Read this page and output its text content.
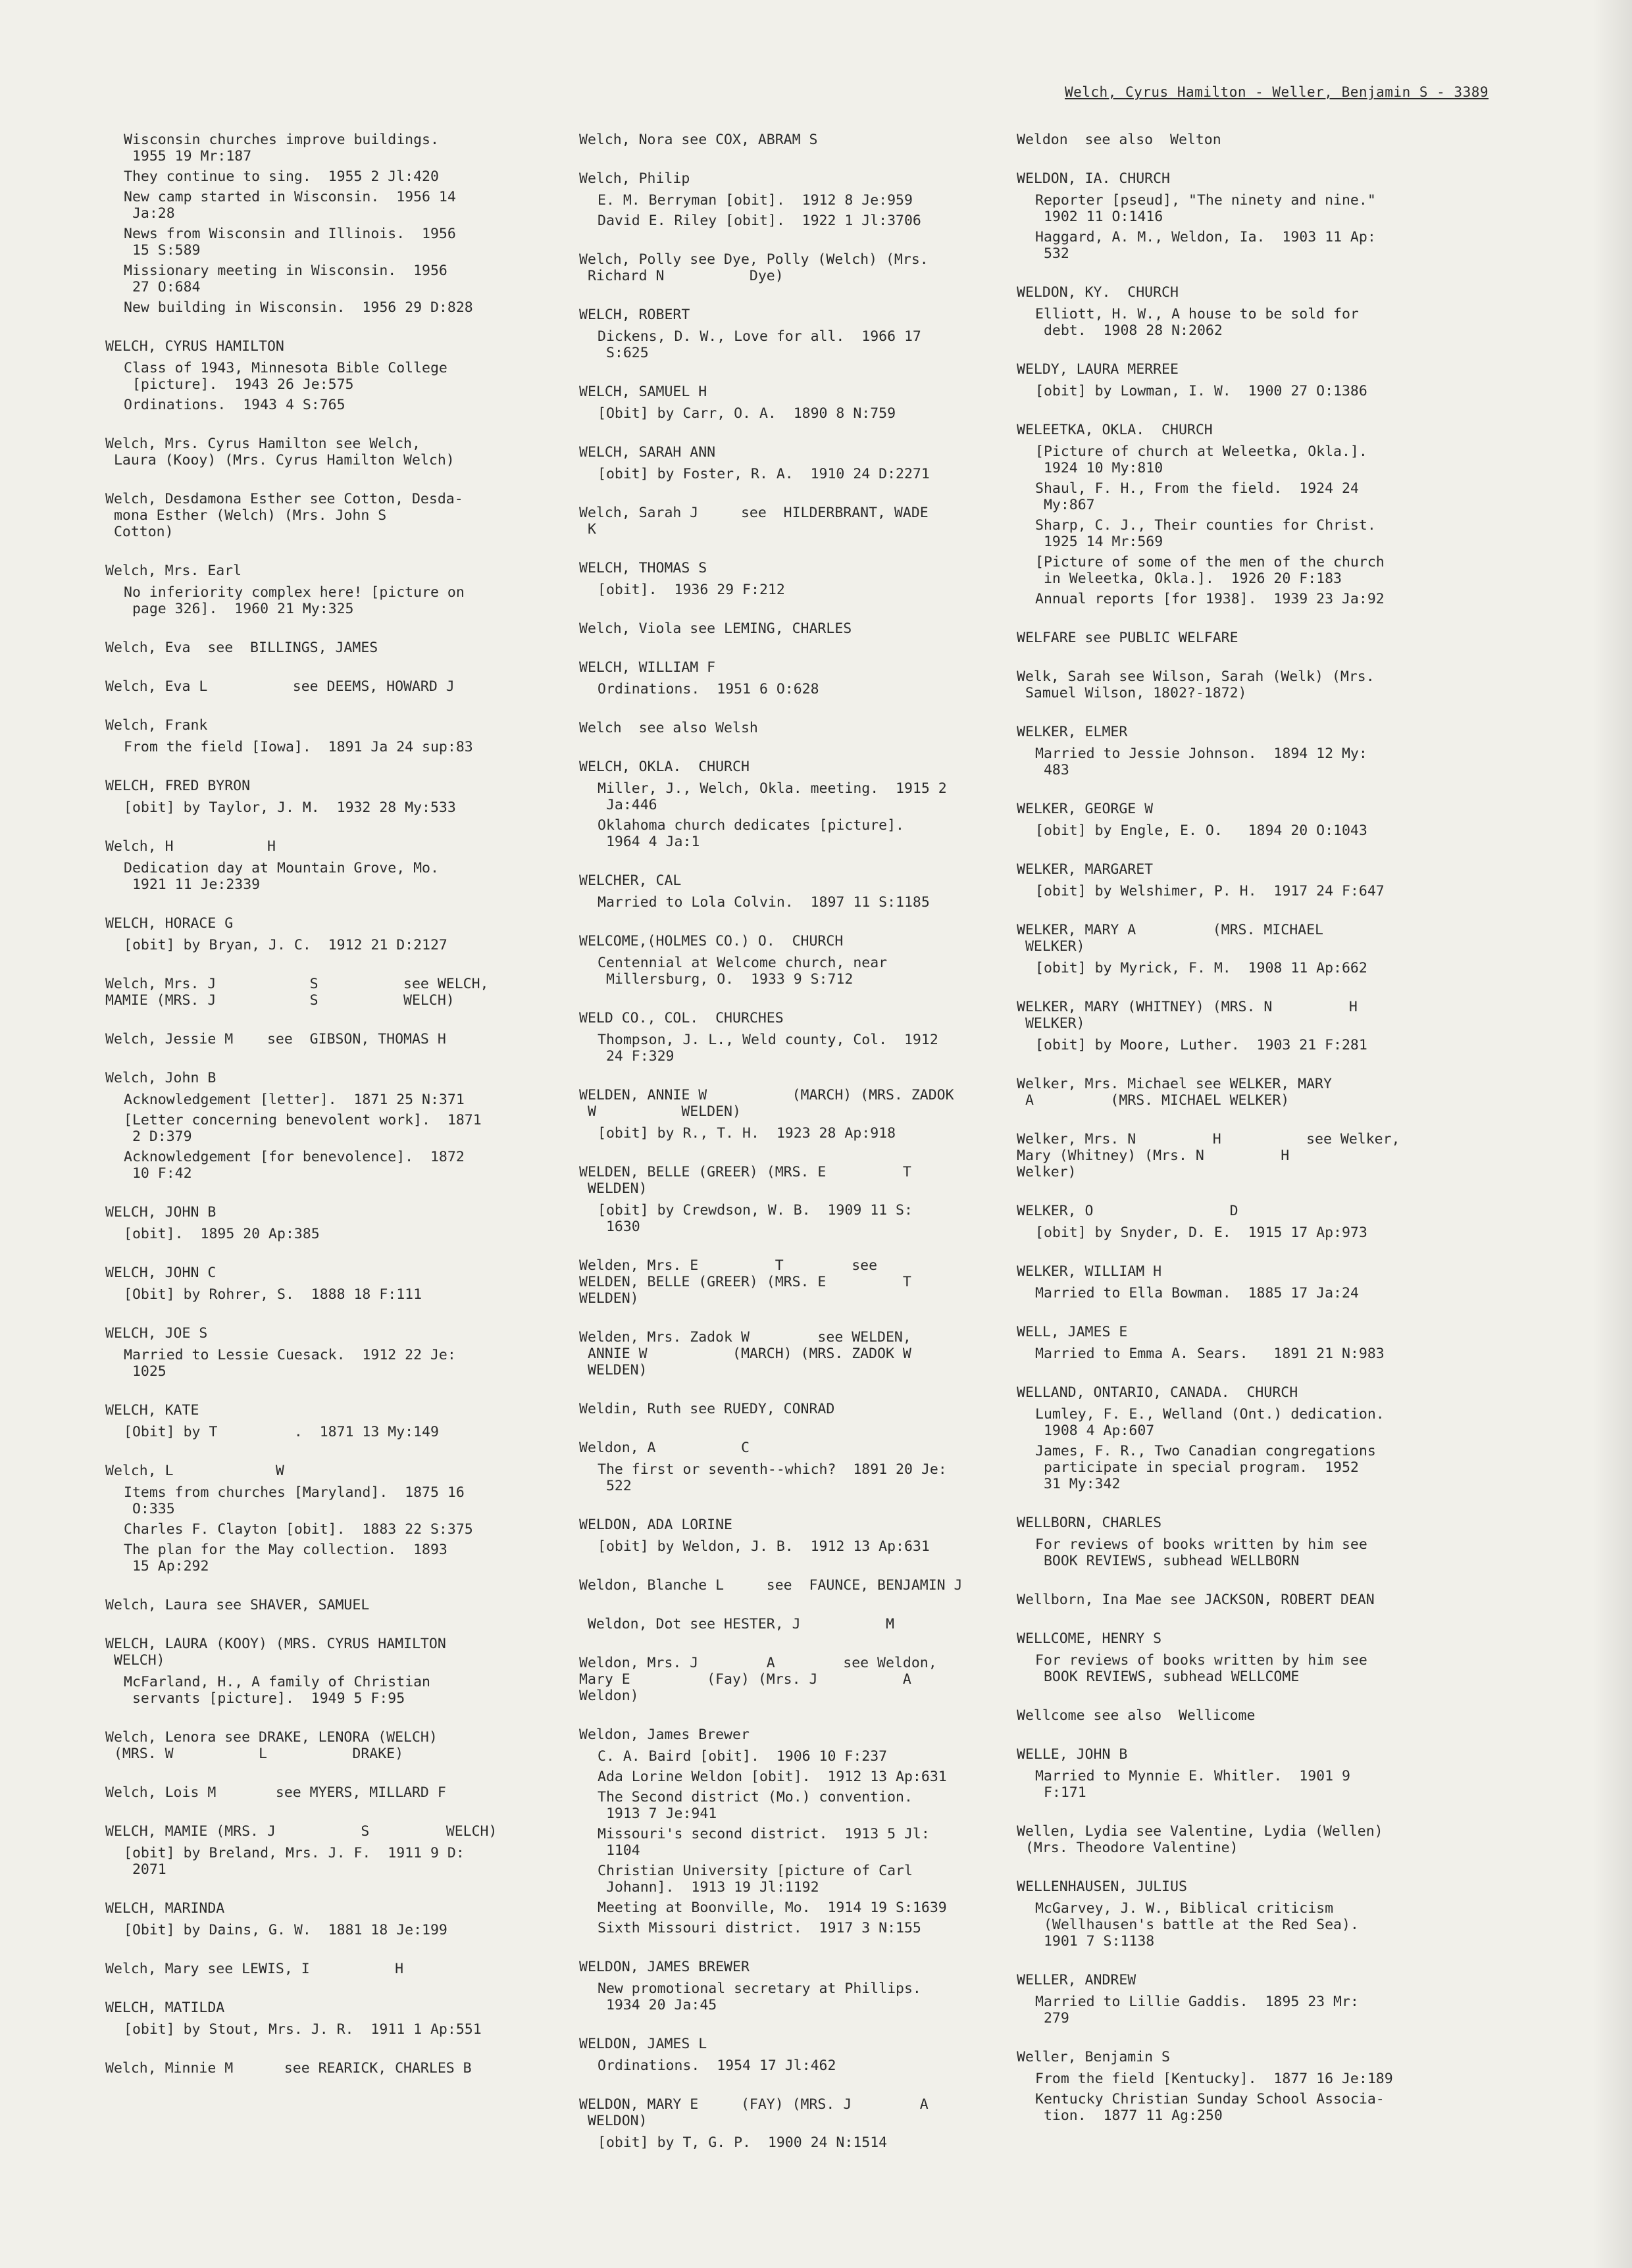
Welch, Cyrus Hamilton - Weller, Benjamin S - 3389
Wisconsin churches improve buildings.
1955 19 Mr:187
They continue to sing.  1955 2 Jl:420
New camp started in Wisconsin.  1956 14
Ja:28
News from Wisconsin and Illinois.  1956
15 S:589
Missionary meeting in Wisconsin.  1956
27 O:684
New building in Wisconsin.  1956 29 D:828
WELCH, CYRUS HAMILTON
Class of 1943, Minnesota Bible College
[picture].  1943 26 Je:575
Ordinations.  1943 4 S:765
Welch, Mrs. Cyrus Hamilton see Welch,
Laura (Kooy) (Mrs. Cyrus Hamilton Welch)
Welch, Desdamona Esther see Cotton, Desda-
mona Esther (Welch) (Mrs. John S
Cotton)
Welch, Mrs. Earl
No inferiority complex here! [picture on
page 326].  1960 21 My:325
Welch, Eva  see  BILLINGS, JAMES
Welch, Eva L          see DEEMS, HOWARD J
Welch, Frank
From the field [Iowa].  1891 Ja 24 sup:83
WELCH, FRED BYRON
[obit] by Taylor, J. M.  1932 28 My:533
Welch, H           H
Dedication day at Mountain Grove, Mo.
1921 11 Je:2339
WELCH, HORACE G
[obit] by Bryan, J. C.  1912 21 D:2127
Welch, Mrs. J           S          see WELCH,
MAMIE (MRS. J           S          WELCH)
Welch, Jessie M    see  GIBSON, THOMAS H
Welch, John B
Acknowledgement [letter].  1871 25 N:371
[Letter concerning benevolent work].  1871
2 D:379
Acknowledgement [for benevolence].  1872
10 F:42
WELCH, JOHN B
[obit].  1895 20 Ap:385
WELCH, JOHN C
[Obit] by Rohrer, S.  1888 18 F:111
WELCH, JOE S
Married to Lessie Cuesack.  1912 22 Je:
1025
WELCH, KATE
[Obit] by T         .  1871 13 My:149
Welch, L            W
Items from churches [Maryland].  1875 16
O:335
Charles F. Clayton [obit].  1883 22 S:375
The plan for the May collection.  1893
15 Ap:292
Welch, Laura see SHAVER, SAMUEL
WELCH, LAURA (KOOY) (MRS. CYRUS HAMILTON
WELCH)
McFarland, H., A family of Christian
servants [picture].  1949 5 F:95
Welch, Lenora see DRAKE, LENORA (WELCH)
(MRS. W          L          DRAKE)
Welch, Lois M       see MYERS, MILLARD F
WELCH, MAMIE (MRS. J          S         WELCH)
[obit] by Breland, Mrs. J. F.  1911 9 D:
2071
WELCH, MARINDA
[Obit] by Dains, G. W.  1881 18 Je:199
Welch, Mary see LEWIS, I          H
WELCH, MATILDA
[obit] by Stout, Mrs. J. R.  1911 1 Ap:551
Welch, Minnie M      see REARICK, CHARLES B
Welch, Nora see COX, ABRAM S
Welch, Philip
E. M. Berryman [obit].  1912 8 Je:959
David E. Riley [obit].  1922 1 Jl:3706
Welch, Polly see Dye, Polly (Welch) (Mrs.
Richard N          Dye)
WELCH, ROBERT
Dickens, D. W., Love for all.  1966 17
S:625
WELCH, SAMUEL H
[Obit] by Carr, O. A.  1890 8 N:759
WELCH, SARAH ANN
[obit] by Foster, R. A.  1910 24 D:2271
Welch, Sarah J     see  HILDERBRANT, WADE
K
WELCH, THOMAS S
[obit].  1936 29 F:212
Welch, Viola see LEMING, CHARLES
WELCH, WILLIAM F
Ordinations.  1951 6 O:628
Welch  see also Welsh
WELCH, OKLA.  CHURCH
Miller, J., Welch, Okla. meeting.  1915 2
Ja:446
Oklahoma church dedicates [picture].
1964 4 Ja:1
WELCHER, CAL
Married to Lola Colvin.  1897 11 S:1185
WELCOME,(HOLMES CO.) O.  CHURCH
Centennial at Welcome church, near
Millersburg, O.  1933 9 S:712
WELD CO., COL.  CHURCHES
Thompson, J. L., Weld county, Col.  1912
24 F:329
WELDEN, ANNIE W          (MARCH) (MRS. ZADOK
W          WELDEN)
[obit] by R., T. H.  1923 28 Ap:918
WELDEN, BELLE (GREER) (MRS. E         T
WELDEN)
[obit] by Crewdson, W. B.  1909 11 S:
1630
Welden, Mrs. E         T        see
WELDEN, BELLE (GREER) (MRS. E         T
WELDEN)
Welden, Mrs. Zadok W        see WELDEN,
ANNIE W          (MARCH) (MRS. ZADOK W
WELDEN)
Weldin, Ruth see RUEDY, CONRAD
Weldon, A          C
The first or seventh--which?  1891 20 Je:
522
WELDON, ADA LORINE
[obit] by Weldon, J. B.  1912 13 Ap:631
Weldon, Blanche L     see  FAUNCE, BENJAMIN J
Weldon, Dot see HESTER, J          M
Weldon, Mrs. J        A        see Weldon,
Mary E         (Fay) (Mrs. J          A
Weldon)
Weldon, James Brewer
C. A. Baird [obit].  1906 10 F:237
Ada Lorine Weldon [obit].  1912 13 Ap:631
The Second district (Mo.) convention.
1913 7 Je:941
Missouri's second district.  1913 5 Jl:
1104
Christian University [picture of Carl
Johann].  1913 19 Jl:1192
Meeting at Boonville, Mo.  1914 19 S:1639
Sixth Missouri district.  1917 3 N:155
WELDON, JAMES BREWER
New promotional secretary at Phillips.
1934 20 Ja:45
WELDON, JAMES L
Ordinations.  1954 17 Jl:462
WELDON, MARY E     (FAY) (MRS. J        A
WELDON)
[obit] by T, G. P.  1900 24 N:1514
Weldon  see also  Welton
WELDON, IA. CHURCH
Reporter [pseud], "The ninety and nine."
1902 11 O:1416
Haggard, A. M., Weldon, Ia.  1903 11 Ap:
532
WELDON, KY.  CHURCH
Elliott, H. W., A house to be sold for
debt.  1908 28 N:2062
WELDY, LAURA MERREE
[obit] by Lowman, I. W.  1900 27 O:1386
WELEETKA, OKLA.  CHURCH
[Picture of church at Weleetka, Okla.].
1924 10 My:810
Shaul, F. H., From the field.  1924 24
My:867
Sharp, C. J., Their counties for Christ.
1925 14 Mr:569
[Picture of some of the men of the church
in Weleetka, Okla.].  1926 20 F:183
Annual reports [for 1938].  1939 23 Ja:92
WELFARE see PUBLIC WELFARE
Welk, Sarah see Wilson, Sarah (Welk) (Mrs.
Samuel Wilson, 1802?-1872)
WELKER, ELMER
Married to Jessie Johnson.  1894 12 My:
483
WELKER, GEORGE W
[obit] by Engle, E. O.   1894 20 O:1043
WELKER, MARGARET
[obit] by Welshimer, P. H.  1917 24 F:647
WELKER, MARY A         (MRS. MICHAEL
WELKER)
[obit] by Myrick, F. M.  1908 11 Ap:662
WELKER, MARY (WHITNEY) (MRS. N         H
WELKER)
[obit] by Moore, Luther.  1903 21 F:281
Welker, Mrs. Michael see WELKER, MARY
A         (MRS. MICHAEL WELKER)
Welker, Mrs. N         H          see Welker,
Mary (Whitney) (Mrs. N         H
Welker)
WELKER, O                D
[obit] by Snyder, D. E.  1915 17 Ap:973
WELKER, WILLIAM H
Married to Ella Bowman.  1885 17 Ja:24
WELL, JAMES E
Married to Emma A. Sears.   1891 21 N:983
WELLAND, ONTARIO, CANADA.  CHURCH
Lumley, F. E., Welland (Ont.) dedication.
1908 4 Ap:607
James, F. R., Two Canadian congregations
participate in special program.  1952
31 My:342
WELLBORN, CHARLES
For reviews of books written by him see
BOOK REVIEWS, subhead WELLBORN
Wellborn, Ina Mae see JACKSON, ROBERT DEAN
WELLCOME, HENRY S
For reviews of books written by him see
BOOK REVIEWS, subhead WELLCOME
Wellcome see also  Wellicome
WELLE, JOHN B
Married to Mynnie E. Whitler.  1901 9
F:171
Wellen, Lydia see Valentine, Lydia (Wellen)
(Mrs. Theodore Valentine)
WELLENHAUSEN, JULIUS
McGarvey, J. W., Biblical criticism
(Wellhausen's battle at the Red Sea).
1901 7 S:1138
WELLER, ANDREW
Married to Lillie Gaddis.  1895 23 Mr:
279
Weller, Benjamin S
From the field [Kentucky].  1877 16 Je:189
Kentucky Christian Sunday School Associa-
tion.  1877 11 Ag:250
